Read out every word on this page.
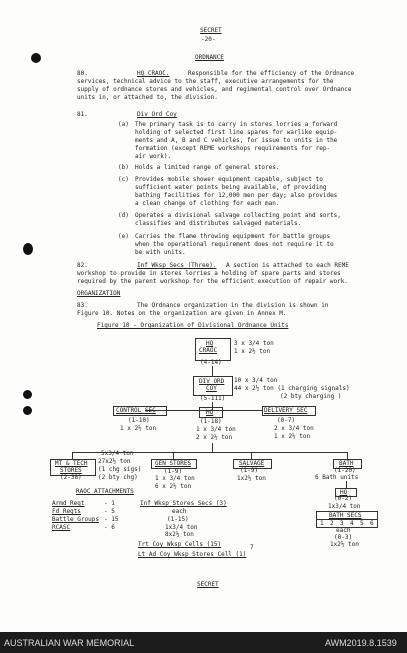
SECRET
-20-
ORDNANCE
80.	HQ CRAOC.	Responsible for the efficiency of the Ordnance
services, technical advice to the staff, executive arrangements for the
supply of ordnance stores and vehicles, and regimental control over Ordnance
units in, or attached to, the division.
81.	Div Ord Coy
(a) The primary task is to carry in stores lorries a forward
holding of selected first line spares for warlike equip-
ments and A, B and C vehicles, for issue to units in the
formation (except REME workshops requirements for rep-
air work).
(b) Holds a limited range of general stores.
(c) Provides mobile shower equipment capable, subject to
sufficient water points being available, of providing
bathing facilities for 12,000 men per day; also provides
a clean change of clothing for each man.
(d) Operates a divisional salvage collecting point and sorts,
classifies and distributes salvaged materials.
(e) Carries the flame throwing equipment for battle groups
when the operational requirement does not require it to
be with units.
82.	Inf Wksp Secs (Three). A section is attached to each REME
workshop to provide in stores lorries a holding of spare parts and stores
required by the parent workshop for the efficient execution of repair work.
ORGANIZATION
83.	The Ordnance organization in the division is shown in
Figure 10. Notes on the organization are given in Annex M.
Figure 10 - Organization of Divisional Ordnance Units
HQ
CRAOC
(4-14)
3 x 3/4 ton
1 x 2½ ton
DIV ORD
COY
(5-111)
10 x 3/4 ton
44 x 2½ ton (1 charging signals)
(2 bty charging )
CONTROL SEC
(1-10)
1 x 2½ ton
HQ
(1-18)
1 x 3/4 ton
2 x 2½ ton
DELIVERY SEC
(0-7)
2 x 3/4 ton
1 x 2½ ton
MT & TECH
STORES
(2-38)
5x3/4 ton
27x2½ ton
(1 chg sigs)
(2 bty chg)
GEN STORES
(1-9)
1 x 3/4 ton
6 x 2½ ton
SALVAGE
(1-9)
1x2½ ton
BATH
(1-20)
6 Bath units
HQ
(0-2)
1x3/4 ton
BATH SECS
1 2 3 4 5 6
each
(0-3)
1x2½ ton
RAOC ATTACHMENTS
Armd Regt	- 1
Fd Regts	- 5
Battle Groups - 15
RCASC	- 6
Inf Wksp Stores Secs (3)
each
(1-15)
1x3/4 ton
8x2½ ton
Trt Coy Wksp Cells (15)	7
Lt Ad Coy Wksp Stores Cell (1)
SECRET
AUSTRALIAN WAR MEMORIAL	AWM2019.8.1539
